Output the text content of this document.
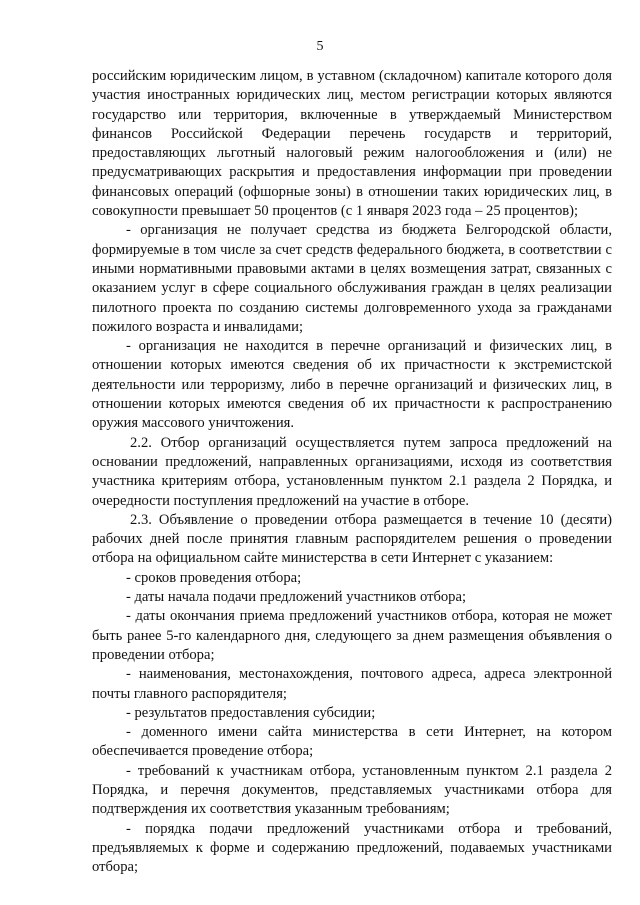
5

российским юридическим лицом, в уставном (складочном) капитале которого доля участия иностранных юридических лиц, местом регистрации которых являются государство или территория, включенные в утверждаемый Министерством финансов Российской Федерации перечень государств и территорий, предоставляющих льготный налоговый режим налогообложения и (или) не предусматривающих раскрытия и предоставления информации при проведении финансовых операций (офшорные зоны) в отношении таких юридических лиц, в совокупности превышает 50 процентов (с 1 января 2023 года – 25 процентов);

- организация не получает средства из бюджета Белгородской области, формируемые в том числе за счет средств федерального бюджета, в соответствии с иными нормативными правовыми актами в целях возмещения затрат, связанных с оказанием услуг в сфере социального обслуживания граждан в целях реализации пилотного проекта по созданию системы долговременного ухода за гражданами пожилого возраста и инвалидами;

- организация не находится в перечне организаций и физических лиц, в отношении которых имеются сведения об их причастности к экстремистской деятельности или терроризму, либо в перечне организаций и физических лиц, в отношении которых имеются сведения об их причастности к распространению оружия массового уничтожения.

2.2. Отбор организаций осуществляется путем запроса предложений на основании предложений, направленных организациями, исходя из соответствия участника критериям отбора, установленным пунктом 2.1 раздела 2 Порядка, и очередности поступления предложений на участие в отборе.

2.3. Объявление о проведении отбора размещается в течение 10 (десяти) рабочих дней после принятия главным распорядителем решения о проведении отбора на официальном сайте министерства в сети Интернет с указанием:

- сроков проведения отбора;

- даты начала подачи предложений участников отбора;

- даты окончания приема предложений участников отбора, которая не может быть ранее 5-го календарного дня, следующего за днем размещения объявления о проведении отбора;

- наименования, местонахождения, почтового адреса, адреса электронной почты главного распорядителя;

- результатов предоставления субсидии;

- доменного имени сайта министерства в сети Интернет, на котором обеспечивается проведение отбора;

- требований к участникам отбора, установленным пунктом 2.1 раздела 2 Порядка, и перечня документов, представляемых участниками отбора для подтверждения их соответствия указанным требованиям;

- порядка подачи предложений участниками отбора и требований, предъявляемых к форме и содержанию предложений, подаваемых участниками отбора;
